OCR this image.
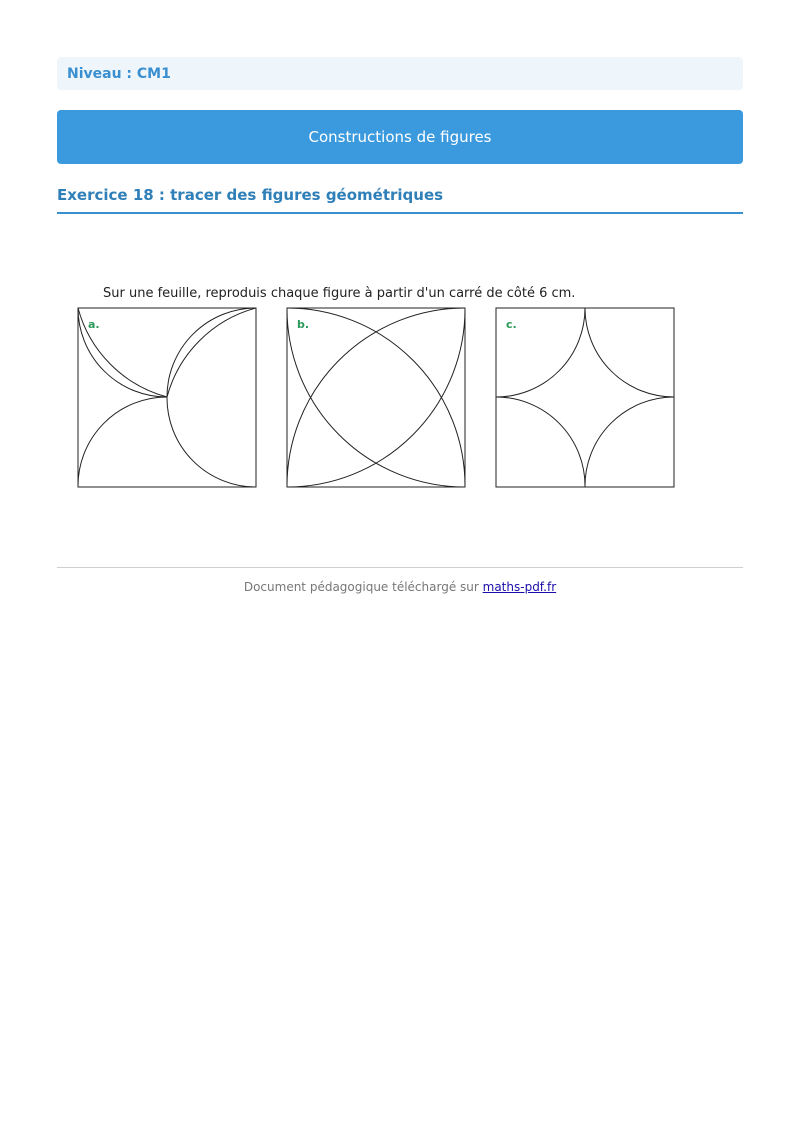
Niveau : CM1
Constructions de figures
Exercice 18 : tracer des figures géométriques
Sur une feuille, reproduis chaque figure à partir d'un carré de côté 6 cm.
a.	b.	c.
Document pédagogique téléchargé sur maths-pdf.fr
